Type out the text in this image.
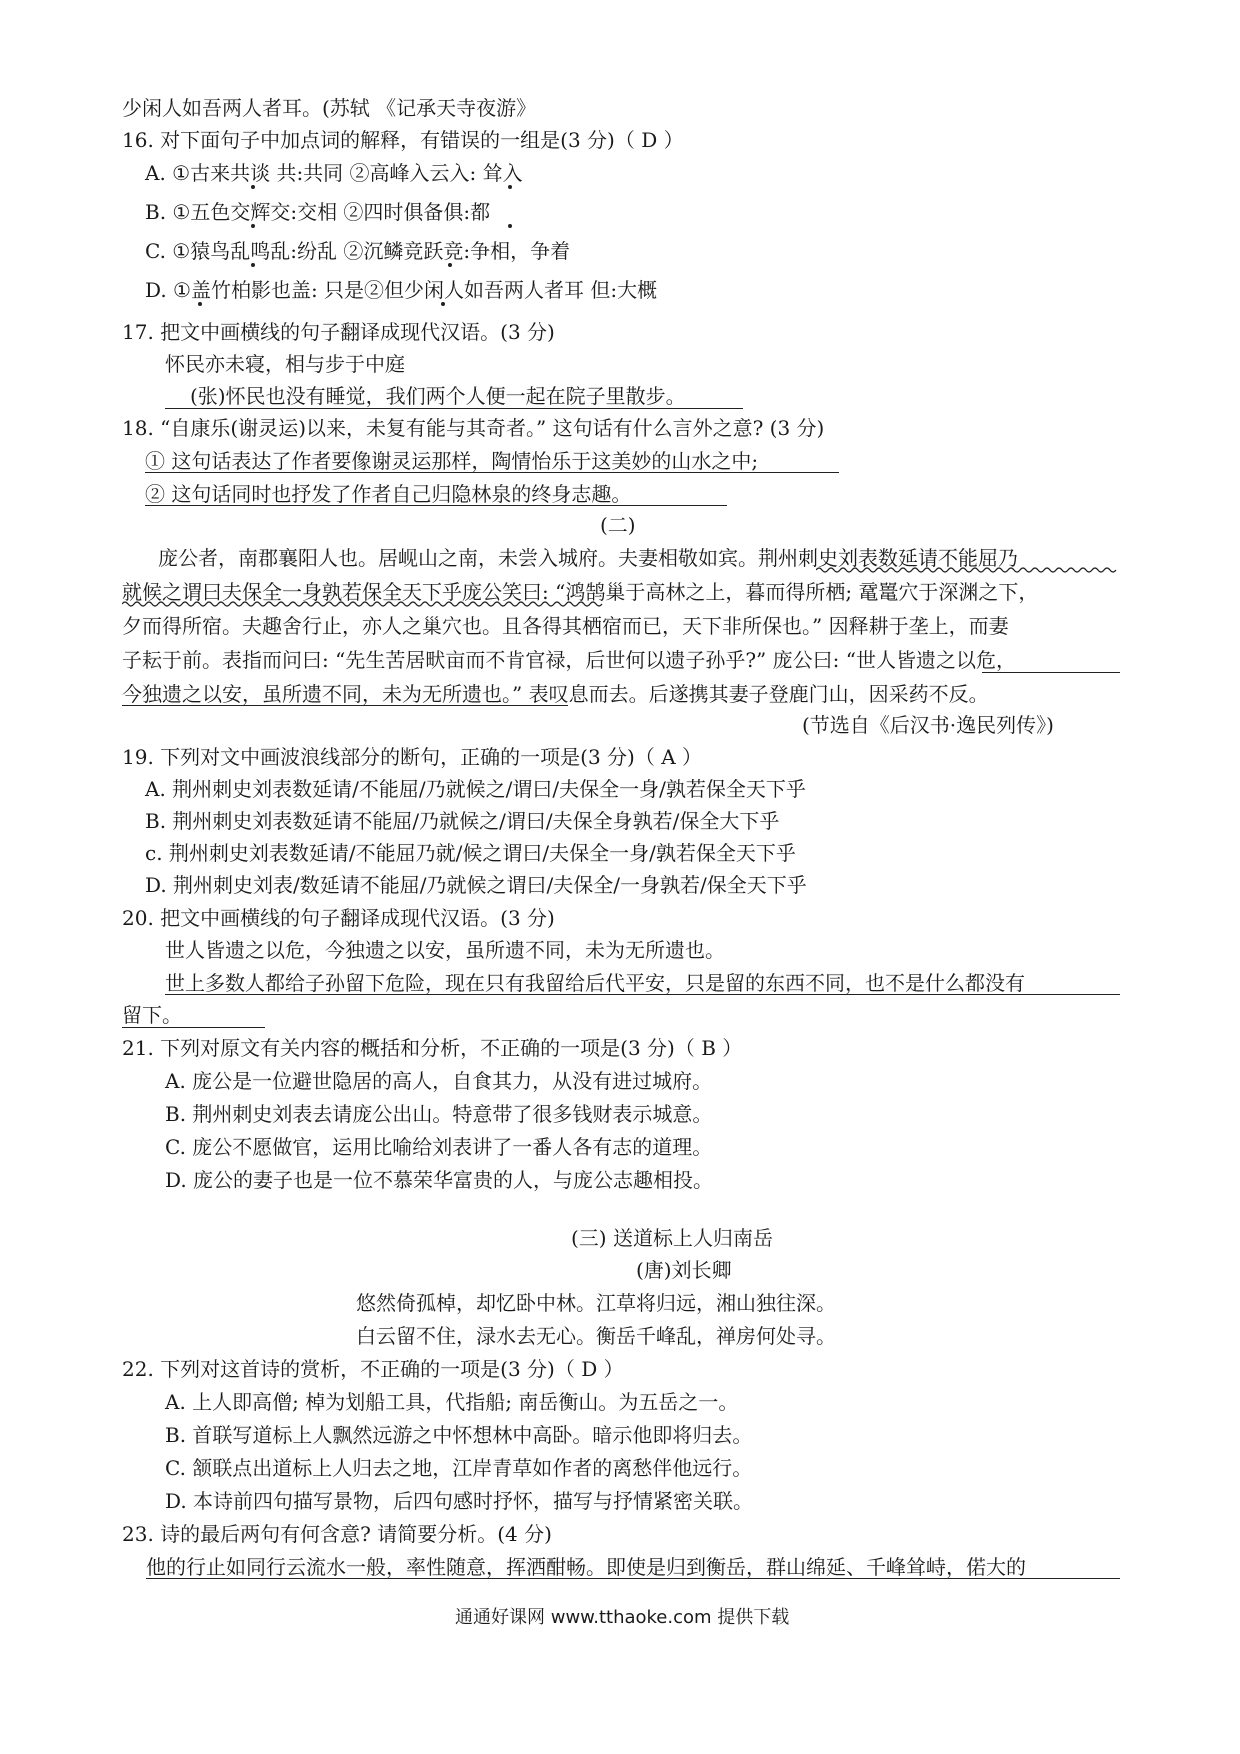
少闲人如吾两人者耳。(苏轼 《记承天寺夜游》
16. 对下面句子中加点词的解释，有错误的一组是(3 分)（ D ）
A. ①古来共谈 共:共同 ②高峰入云入: 耸入
B. ①五色交辉交:交相 ②四时俱备俱:都
C. ①猿鸟乱鸣乱:纷乱 ②沉鳞竞跃竞:争相，争着
D. ①盖竹柏影也盖: 只是②但少闲人如吾两人者耳 但:大概
17. 把文中画横线的句子翻译成现代汉语。(3 分)
怀民亦未寝，相与步于中庭
(张)怀民也没有睡觉，我们两个人便一起在院子里散步。
18. “自康乐(谢灵运)以来，未复有能与其奇者。” 这句话有什么言外之意? (3 分)
① 这句话表达了作者要像谢灵运那样，陶情怡乐于这美妙的山水之中;
② 这句话同时也抒发了作者自己归隐林泉的终身志趣。
(二)
庞公者，南郡襄阳人也。居岘山之南，未尝入城府。夫妻相敬如宾。荆州刺史刘表数延请不能屈乃
就候之谓曰夫保全一身孰若保全天下乎庞公笑曰: “鸿鹄巢于高林之上，暮而得所栖; 鼋鼍穴于深渊之下，
夕而得所宿。夫趣舍行止，亦人之巢穴也。且各得其栖宿而已，天下非所保也。” 因释耕于垄上，而妻
子耘于前。表指而问曰: “先生苦居畎亩而不肯官禄，后世何以遗子孙乎?” 庞公曰: “世人皆遗之以危，
今独遗之以安，虽所遗不同，未为无所遗也。” 表叹息而去。后遂携其妻子登鹿门山，因采药不反。
(节选自《后汉书·逸民列传》)
19. 下列对文中画波浪线部分的断句，正确的一项是(3 分)（ A ）
A. 荆州刺史刘表数延请/不能屈/乃就候之/谓曰/夫保全一身/孰若保全天下乎
B. 荆州刺史刘表数延请不能屈/乃就候之/谓曰/夫保全身孰若/保全大下乎
c. 荆州刺史刘表数延请/不能屈乃就/候之谓曰/夫保全一身/孰若保全天下乎
D. 荆州刺史刘表/数延请不能屈/乃就候之谓曰/夫保全/一身孰若/保全天下乎
20. 把文中画横线的句子翻译成现代汉语。(3 分)
世人皆遗之以危，今独遗之以安，虽所遗不同，未为无所遗也。
世上多数人都给子孙留下危险，现在只有我留给后代平安，只是留的东西不同，也不是什么都没有
留下。
21. 下列对原文有关内容的概括和分析，不正确的一项是(3 分)（ B ）
A. 庞公是一位避世隐居的高人，自食其力，从没有进过城府。
B. 荆州刺史刘表去请庞公出山。特意带了很多钱财表示城意。
C. 庞公不愿做官，运用比喻给刘表讲了一番人各有志的道理。
D. 庞公的妻子也是一位不慕荣华富贵的人，与庞公志趣相投。
(三) 送道标上人归南岳
(唐)刘长卿
悠然倚孤棹，却忆卧中林。江草将归远，湘山独往深。
白云留不住，渌水去无心。衡岳千峰乱，禅房何处寻。
22. 下列对这首诗的赏析，不正确的一项是(3 分)（ D ）
A. 上人即高僧; 棹为划船工具，代指船; 南岳衡山。为五岳之一。
B. 首联写道标上人飘然远游之中怀想林中高卧。暗示他即将归去。
C. 颔联点出道标上人归去之地，江岸青草如作者的离愁伴他远行。
D. 本诗前四句描写景物，后四句感时抒怀，描写与抒情紧密关联。
23. 诗的最后两句有何含意? 请简要分析。(4 分)
他的行止如同行云流水一般，率性随意，挥洒酣畅。即使是归到衡岳，群山绵延、千峰耸峙，偌大的
通通好课网 www.tthaoke.com 提供下载
